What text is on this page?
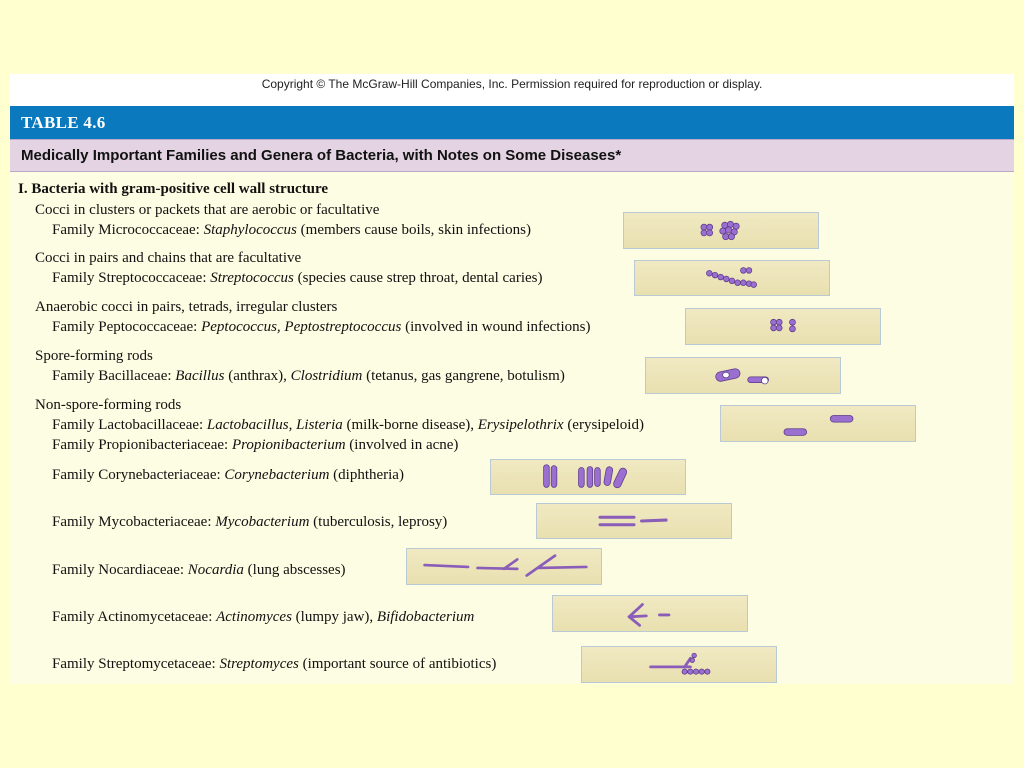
Copyright © The McGraw-Hill Companies, Inc. Permission required for reproduction or display.
TABLE 4.6
Medically Important Families and Genera of Bacteria, with Notes on Some Diseases*
I. Bacteria with gram-positive cell wall structure
Cocci in clusters or packets that are aerobic or facultative
Family Micrococcaceae: Staphylococcus (members cause boils, skin infections)
Cocci in pairs and chains that are facultative
Family Streptococcaceae: Streptococcus (species cause strep throat, dental caries)
Anaerobic cocci in pairs, tetrads, irregular clusters
Family Peptococcaceae: Peptococcus, Peptostreptococcus (involved in wound infections)
Spore-forming rods
Family Bacillaceae: Bacillus (anthrax), Clostridium (tetanus, gas gangrene, botulism)
Non-spore-forming rods
Family Lactobacillaceae: Lactobacillus, Listeria (milk-borne disease), Erysipelothrix (erysipeloid)
Family Propionibacteriaceae: Propionibacterium (involved in acne)
Family Corynebacteriaceae: Corynebacterium (diphtheria)
Family Mycobacteriaceae: Mycobacterium (tuberculosis, leprosy)
Family Nocardiaceae: Nocardia (lung abscesses)
Family Actinomycetaceae: Actinomyces (lumpy jaw), Bifidobacterium
Family Streptomycetaceae: Streptomyces (important source of antibiotics)
